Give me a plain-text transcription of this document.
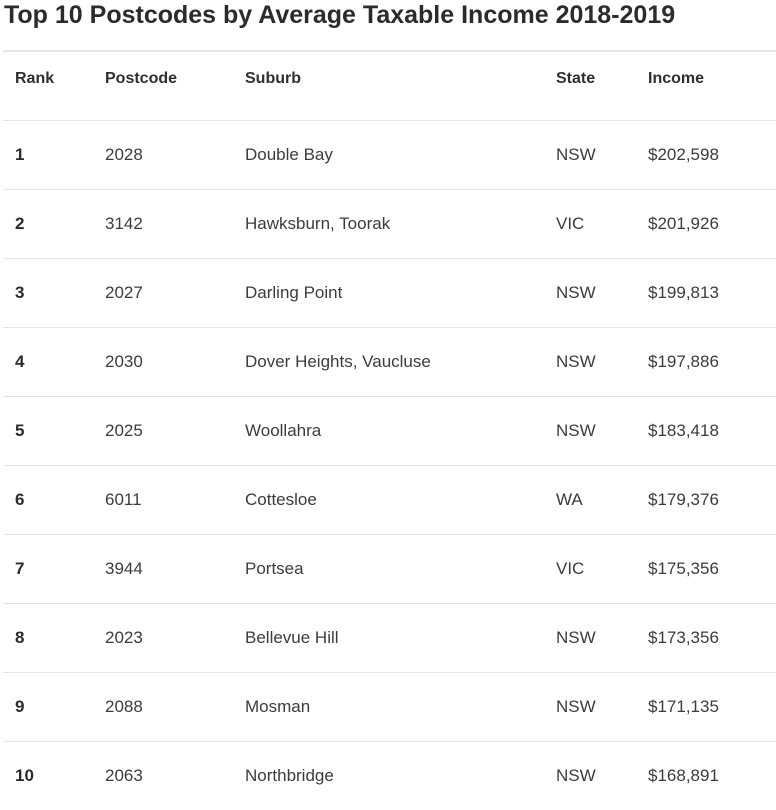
Top 10 Postcodes by Average Taxable Income 2018-2019
Rank	Postcode	Suburb	State	Income
1	2028	Double Bay	NSW	$202,598
2	3142	Hawksburn, Toorak	VIC	$201,926
3	2027	Darling Point	NSW	$199,813
4	2030	Dover Heights, Vaucluse	NSW	$197,886
5	2025	Woollahra	NSW	$183,418
6	6011	Cottesloe	WA	$179,376
7	3944	Portsea	VIC	$175,356
8	2023	Bellevue Hill	NSW	$173,356
9	2088	Mosman	NSW	$171,135
10	2063	Northbridge	NSW	$168,891
